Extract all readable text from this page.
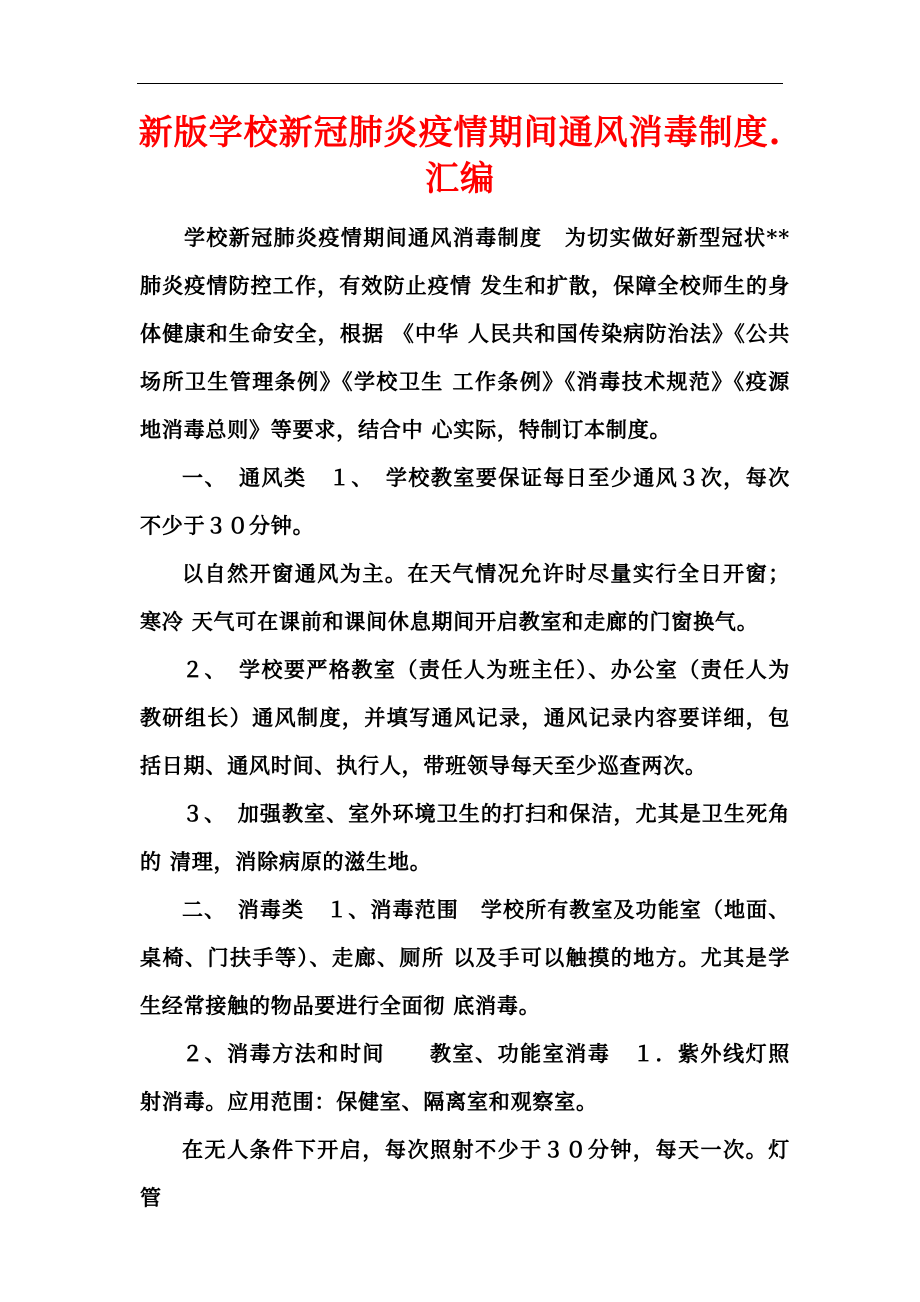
新版学校新冠肺炎疫情期间通风消毒制度.汇编

学校新冠肺炎疫情期间通风消毒制度　为切实做好新型冠状**肺炎疫情防控工作，有效防止疫情 发生和扩散，保障全校师生的身体健康和生命安全，根据 《中华 人民共和国传染病防治法》《公共场所卫生管理条例》《学校卫生 工作条例》《消毒技术规范》《疫源地消毒总则》等要求，结合中 心实际，特制订本制度。

一、　通风类　１、　学校教室要保证每日至少通风３次，每次不少于３０分钟。

以自然开窗通风为主。在天气情况允许时尽量实行全日开窗；寒冷 天气可在课前和课间休息期间开启教室和走廊的门窗换气。

２、　学校要严格教室（责任人为班主任）、办公室（责任人为教研组长）通风制度，并填写通风记录，通风记录内容要详细，包括日期、通风时间、执行人，带班领导每天至少巡查两次。

３、　加强教室、室外环境卫生的打扫和保洁，尤其是卫生死角的 清理，消除病原的滋生地。

二、　消毒类　１、消毒范围　学校所有教室及功能室（地面、桌椅、门扶手等）、走廊、厕所 以及手可以触摸的地方。尤其是学生经常接触的物品要进行全面彻 底消毒。

２、消毒方法和时间　　教室、功能室消毒　１．紫外线灯照射消毒。应用范围：保健室、隔离室和观察室。

在无人条件下开启，每次照射不少于３０分钟，每天一次。灯管
